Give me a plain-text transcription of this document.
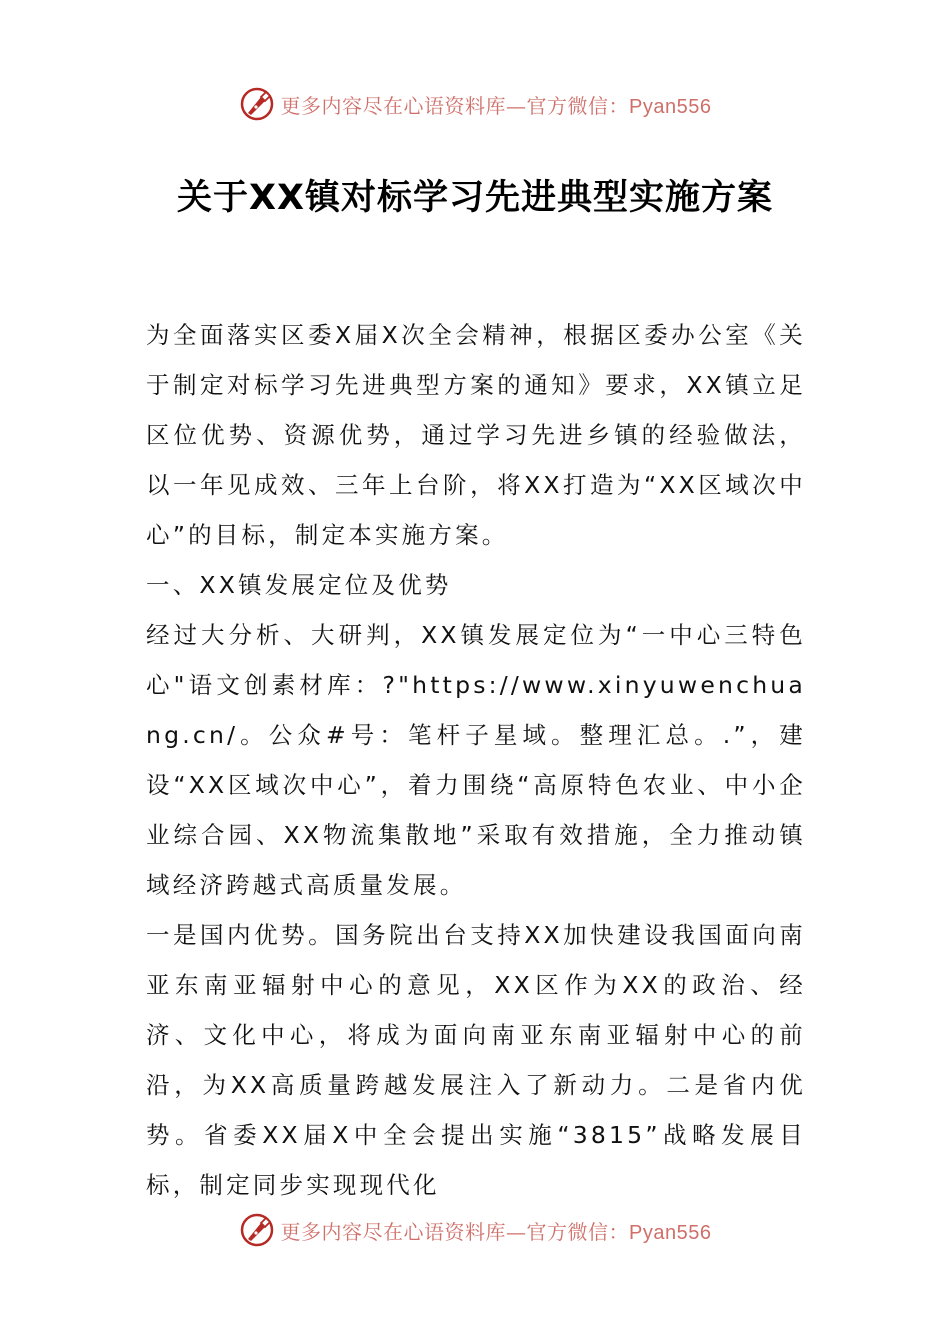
更多内容尽在心语资料库—官方微信：Pyan556
关于XX镇对标学习先进典型实施方案

为全面落实区委X届X次全会精神，根据区委办公室《关于制定对标学习先进典型方案的通知》要求，XX镇立足区位优势、资源优势，通过学习先进乡镇的经验做法，以一年见成效、三年上台阶，将XX打造为“XX区域次中心”的目标，制定本实施方案。

一、XX镇发展定位及优势

经过大分析、大研判，XX镇发展定位为“一中心三特色心"语文创素材库：?"https://www.xinyuwenchuang.cn/。公众#号：笔杆子星域。整理汇总。.”，建设“XX区域次中心”，着力围绕“高原特色农业、中小企业综合园、XX物流集散地”采取有效措施，全力推动镇域经济跨越式高质量发展。

一是国内优势。国务院出台支持XX加快建设我国面向南亚东南亚辐射中心的意见，XX区作为XX的政治、经济、文化中心，将成为面向南亚东南亚辐射中心的前沿，为XX高质量跨越发展注入了新动力。二是省内优势。省委XX届X中全会提出实施“3815”战略发展目标，制定同步实现现代化

更多内容尽在心语资料库—官方微信：Pyan556
